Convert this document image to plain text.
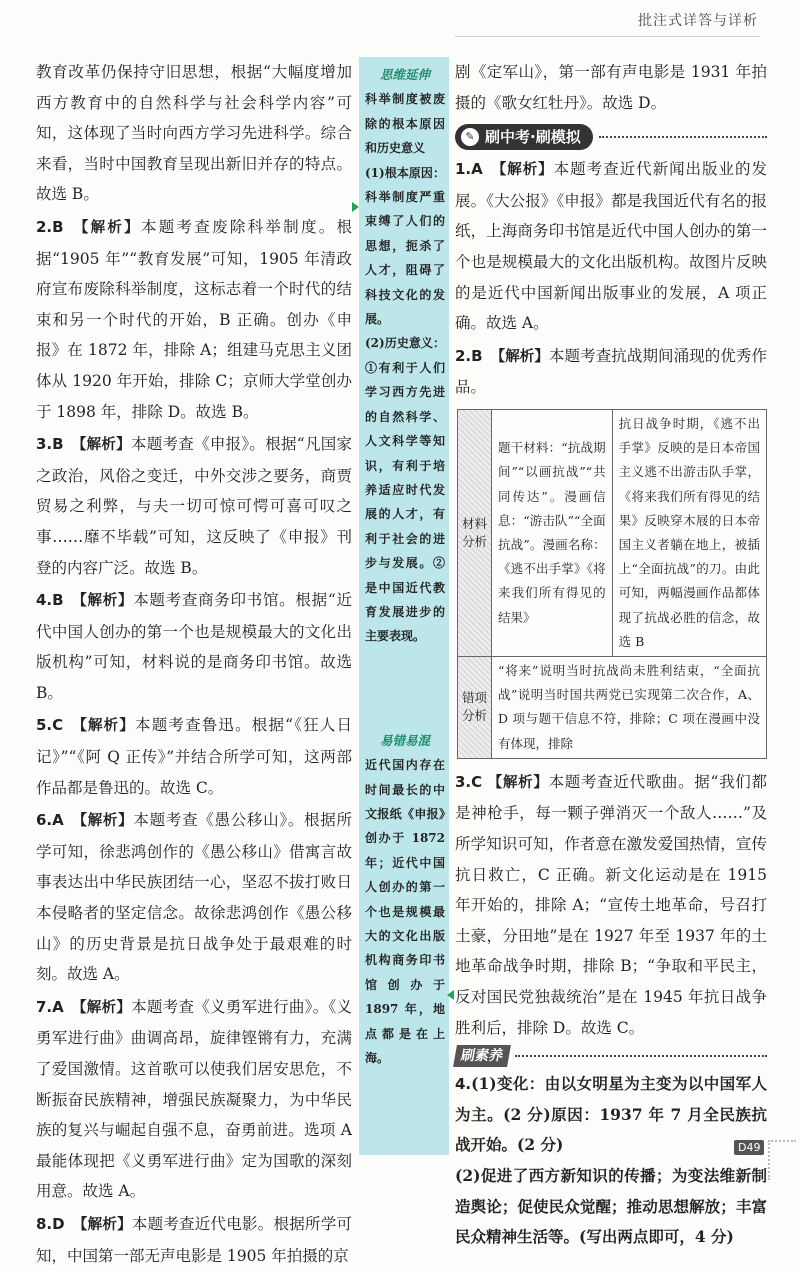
批注式详答与详析

教育改革仍保持守旧思想，根据“大幅度增加西方教育中的自然科学与社会科学内容”可知，这体现了当时向西方学习先进科学。综合来看，当时中国教育呈现出新旧并存的特点。故选 B。

2.B 【解析】本题考查废除科举制度。根据“1905 年”“教育发展”可知，1905 年清政府宣布废除科举制度，这标志着一个时代的结束和另一个时代的开始，B 正确。创办《申报》在 1872 年，排除 A；组建马克思主义团体从 1920 年开始，排除 C；京师大学堂创办于 1898 年，排除 D。故选 B。
3.B 【解析】本题考查《申报》。根据“凡国家之政治，风俗之变迁，中外交涉之要务，商贾贸易之利弊，与夫一切可惊可愕可喜可叹之事……靡不毕载”可知，这反映了《申报》刊登的内容广泛。故选 B。
4.B 【解析】本题考查商务印书馆。根据“近代中国人创办的第一个也是规模最大的文化出版机构”可知，材料说的是商务印书馆。故选 B。
5.C 【解析】本题考查鲁迅。根据“《狂人日记》”“《阿 Q 正传》”并结合所学可知，这两部作品都是鲁迅的。故选 C。
6.A 【解析】本题考查《愚公移山》。根据所学可知，徐悲鸿创作的《愚公移山》借寓言故事表达出中华民族团结一心，坚忍不拔打败日本侵略者的坚定信念。故徐悲鸿创作《愚公移山》的历史背景是抗日战争处于最艰难的时刻。故选 A。
7.A 【解析】本题考查《义勇军进行曲》。《义勇军进行曲》曲调高昂，旋律铿锵有力，充满了爱国激情。这首歌可以使我们居安思危，不断振奋民族精神，增强民族凝聚力，为中华民族的复兴与崛起自强不息，奋勇前进。选项 A 最能体现把《义勇军进行曲》定为国歌的深刻用意。故选 A。
8.D 【解析】本题考查近代电影。根据所学可知，中国第一部无声电影是 1905 年拍摄的京
思维延伸
科举制度被废除的根本原因和历史意义
(1)根本原因：科举制度严重束缚了人们的思想，扼杀了人才，阻碍了科技文化的发展。
(2)历史意义：①有利于人们学习西方先进的自然科学、人文科学等知识，有利于培养适应时代发展的人才，有利于社会的进步与发展。②是中国近代教育发展进步的主要表现。
易错易混
近代国内存在时间最长的中文报纸《申报》创办于 1872 年；近代中国人创办的第一个也是规模最大的文化出版机构商务印书馆创办于 1897 年，地点都是在上海。

剧《定军山》，第一部有声电影是 1931 年拍摄的《歌女红牡丹》。故选 D。

✎ 刷中考·刷模拟
1.A 【解析】本题考查近代新闻出版业的发展。《大公报》《申报》都是我国近代有名的报纸，上海商务印书馆是近代中国人创办的第一个也是规模最大的文化出版机构。故图片反映的是近代中国新闻出版事业的发展，A 项正确。故选 A。
2.B 【解析】本题考查抗战期间涌现的优秀作品。
材料分析	题干材料：“抗战期间”“以画抗战”“共同传达”。漫画信息：“游击队”“全面抗战”。漫画名称：《逃不出手掌》《将来我们所有得见的结果》	抗日战争时期，《逃不出手掌》反映的是日本帝国主义逃不出游击队手掌，《将来我们所有得见的结果》反映穿木屐的日本帝国主义者躺在地上，被插上“全面抗战”的刀。由此可知，两幅漫画作品都体现了抗战必胜的信念，故选 B
错项分析	“将来”说明当时抗战尚未胜利结束，“全面抗战”说明当时国共两党已实现第二次合作，A、D 项与题干信息不符，排除；C 项在漫画中没有体现，排除	
3.C 【解析】本题考查近代歌曲。据“我们都是神枪手，每一颗子弹消灭一个敌人……”及所学知识可知，作者意在激发爱国热情，宣传抗日救亡，C 正确。新文化运动是在 1915 年开始的，排除 A；“宣传土地革命，号召打土豪，分田地”是在 1927 年至 1937 年的土地革命战争时期，排除 B；“争取和平民主，反对国民党独裁统治”是在 1945 年抗日战争胜利后，排除 D。故选 C。
刷素养
4.(1)变化：由以女明星为主变为以中国军人为主。(2 分)原因：1937 年 7 月全民族抗战开始。(2 分)
(2)促进了西方新知识的传播；为变法维新制造舆论；促使民众觉醒；推动思想解放；丰富民众精神生活等。(写出两点即可，4 分)
D49
